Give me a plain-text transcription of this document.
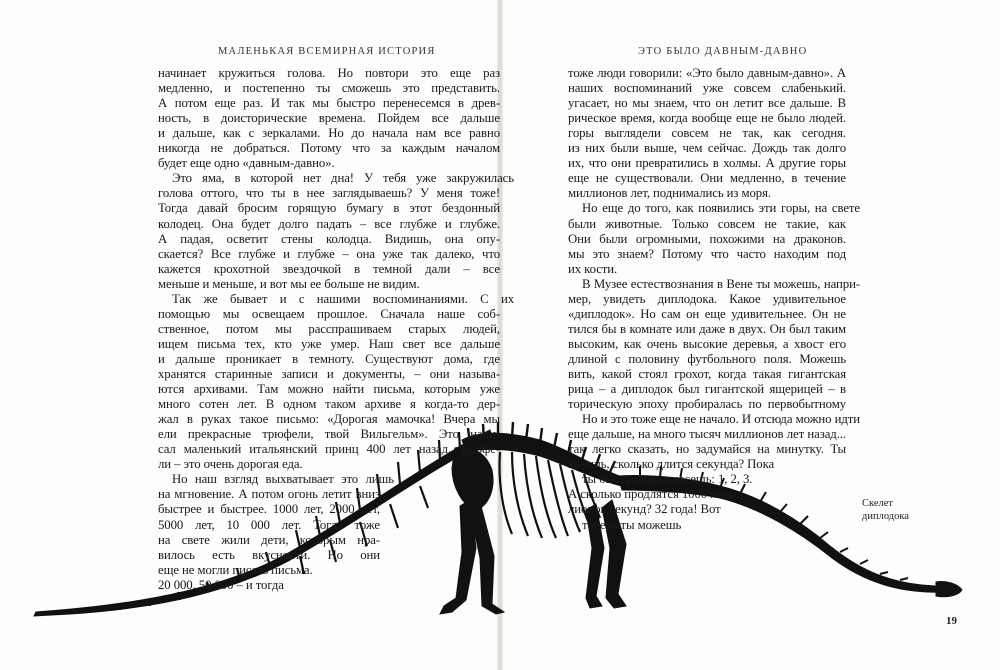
МАЛЕНЬКАЯ ВСЕМИРНАЯ ИСТОРИЯ	ЭТО БЫЛО ДАВНЫМ-ДАВНО
начинает кружиться голова. Но повтори это еще раз
медленно, и постепенно ты сможешь это представить.
А потом еще раз. И так мы быстро перенесемся в древ-
ность, в доисторические времена. Пойдем все дальше
и дальше, как с зеркалами. Но до начала нам все равно
никогда не добраться. Потому что за каждым началом
будет еще одно «давным-давно».
Это яма, в которой нет дна! У тебя уже закружилась
голова оттого, что ты в нее заглядываешь? У меня тоже!
Тогда давай бросим горящую бумагу в этот бездонный
колодец. Она будет долго падать – все глубже и глубже.
А падая, осветит стены колодца. Видишь, она опу-
скается? Все глубже и глубже – она уже так далеко, что
кажется крохотной звездочкой в темной дали – все
меньше и меньше, и вот мы ее больше не видим.
Так же бывает и с нашими воспоминаниями. С их
помощью мы освещаем прошлое. Сначала наше соб-
ственное, потом мы расспрашиваем старых людей,
ищем письма тех, кто уже умер. Наш свет все дальше
и дальше проникает в темноту. Существуют дома, где
хранятся старинные записи и документы, – они называ-
ются архивами. Там можно найти письма, которым уже
много сотен лет. В одном таком архиве я когда-то дер-
жал в руках такое письмо: «Дорогая мамочка! Вчера мы
ели прекрасные трюфели, твой Вильгельм». Это напи-
сал маленький итальянский принц 400 лет назад. Трюфе-
ли – это очень дорогая еда.
Но наш взгляд выхватывает это лишь
на мгновение. А потом огонь летит вниз
быстрее и быстрее. 1000 лет, 2000 лет,
5000 лет, 10 000 лет. Тогда тоже
на свете жили дети, которым нра-
вилось есть вкусности. Но они
еще не могли писать письма.
20 000, 50 000 – и тогда
тоже люди говорили: «Это было давным-давно». А
наших воспоминаний уже совсем слабенький.
угасает, но мы знаем, что он летит все дальше. В
рическое время, когда вообще еще не было людей.
горы выглядели совсем не так, как сегодня.
из них были выше, чем сейчас. Дождь так долго
их, что они превратились в холмы. А другие горы
еще не существовали. Они медленно, в течение
миллионов лет, поднимались из моря.
Но еще до того, как появились эти горы, на свете
были животные. Только совсем не такие, как
Они были огромными, похожими на драконов.
мы это знаем? Потому что часто находим под
их кости.
В Музее естествознания в Вене ты можешь, напри-
мер, увидеть диплодока. Какое удивительное
«диплодок». Но сам он еще удивительнее. Он не
тился бы в комнате или даже в двух. Он был таким
высоким, как очень высокие деревья, а хвост его
длиной с половину футбольного поля. Можешь
вить, какой стоял грохот, когда такая гигантская
рица – а диплодок был гигантской ящерицей – в
торическую эпоху пробиралась по первобытному
Но и это тоже еще не начало. И отсюда можно идти
еще дальше, на много тысяч миллионов лет назад...
так легко сказать, но задумайся на минутку. Ты
знаешь, сколько длится секунда? Пока
ты быстро произнесешь: 1, 2, 3.
А сколько продлятся 1000 мил-
лионов секунд? 32 года! Вот
теперь ты можешь
Скелет
диплодока
19
